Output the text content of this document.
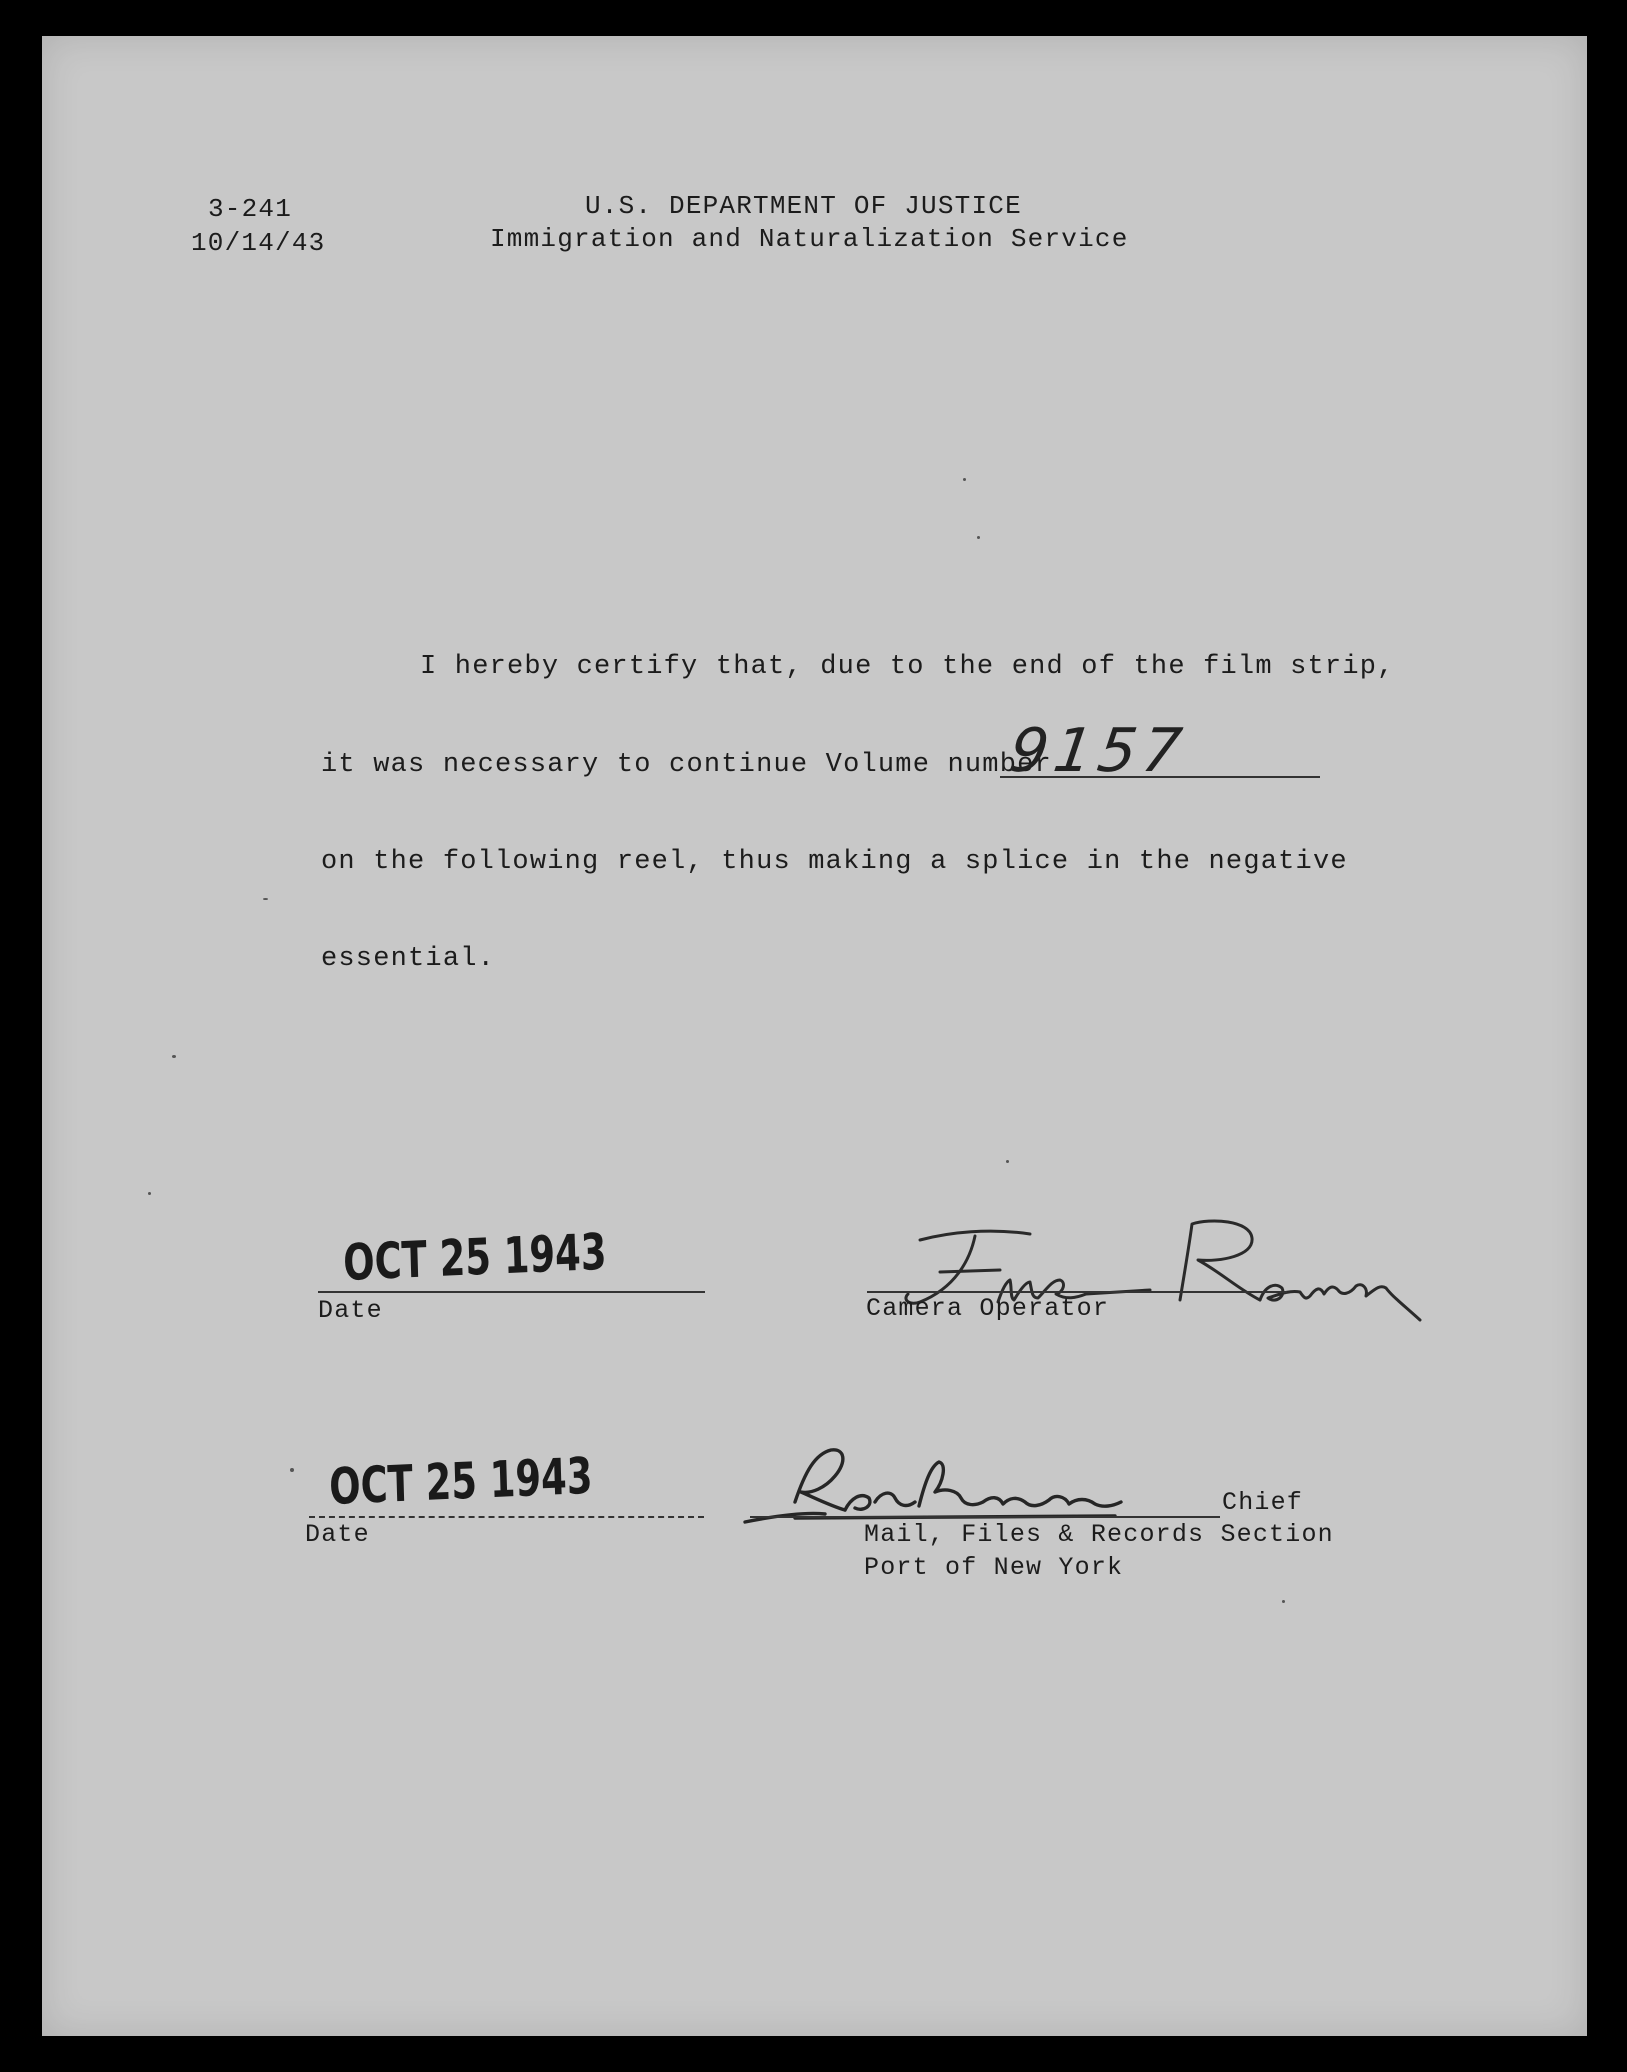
3-241
10/14/43
U.S. DEPARTMENT OF JUSTICE
Immigration and Naturalization Service
I hereby certify that, due to the end of the film strip,
it was necessary to continue Volume number
9157
on the following reel, thus making a splice in the negative
essential.
OCT 25 1943
Date	Camera Operator
OCT 25 1943
Date
Chief
Mail, Files & Records Section
Port of New York
